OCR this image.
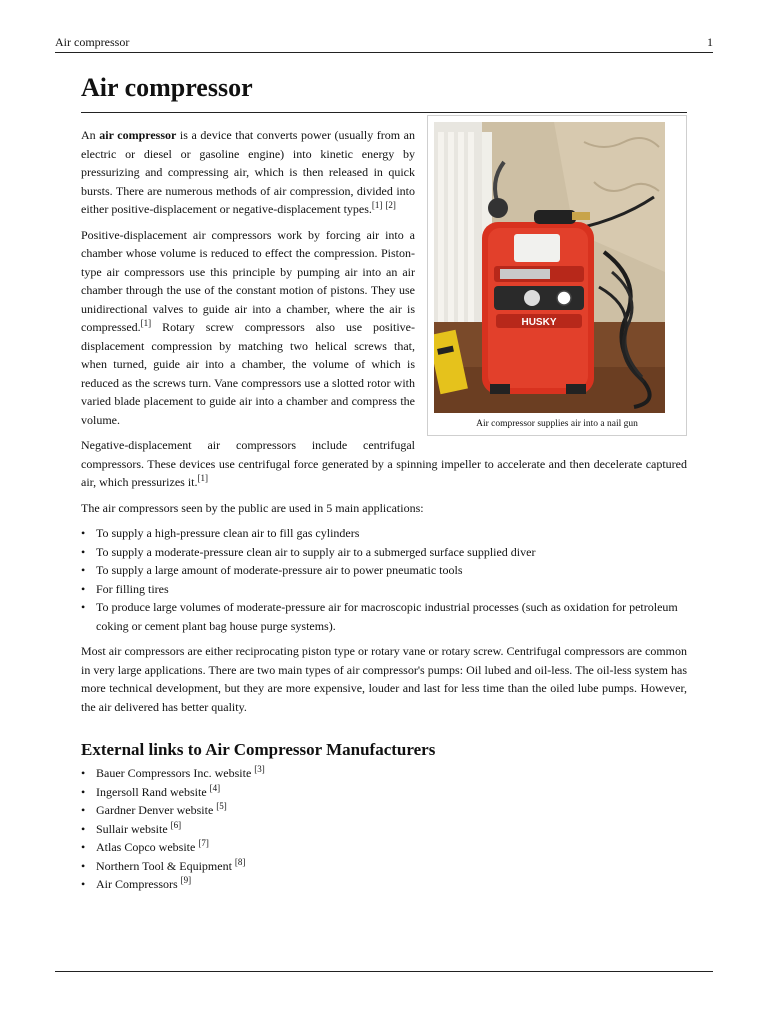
Air compressor	1
Air compressor
HUSKY
Air compressor supplies air into a nail gun

An air compressor is a device that converts power (usually from an electric or diesel or gasoline engine) into kinetic energy by pressurizing and compressing air, which is then released in quick bursts. There are numerous methods of air compression, divided into either positive-displacement or negative-displacement types.[1] [2]

Positive-displacement air compressors work by forcing air into a chamber whose volume is reduced to effect the compression. Piston-type air compressors use this principle by pumping air into an air chamber through the use of the constant motion of pistons. They use unidirectional valves to guide air into a chamber, where the air is compressed.[1] Rotary screw compressors also use positive-displacement compression by matching two helical screws that, when turned, guide air into a chamber, the volume of which is reduced as the screws turn. Vane compressors use a slotted rotor with varied blade placement to guide air into a chamber and compress the volume.

Negative-displacement air compressors include centrifugal compressors. These devices use centrifugal force generated by a spinning impeller to accelerate and then decelerate captured air, which pressurizes it.[1]

The air compressors seen by the public are used in 5 main applications:

• To supply a high-pressure clean air to fill gas cylinders
• To supply a moderate-pressure clean air to supply air to a submerged surface supplied diver
• To supply a large amount of moderate-pressure air to power pneumatic tools
• For filling tires
• To produce large volumes of moderate-pressure air for macroscopic industrial processes (such as oxidation for petroleum coking or cement plant bag house purge systems).

Most air compressors are either reciprocating piston type or rotary vane or rotary screw. Centrifugal compressors are common in very large applications. There are two main types of air compressor's pumps: Oil lubed and oil-less. The oil-less system has more technical development, but they are more expensive, louder and last for less time than the oiled lube pumps. However, the air delivered has better quality.

External links to Air Compressor Manufacturers
• Bauer Compressors Inc. website [3]
• Ingersoll Rand website [4]
• Gardner Denver website [5]
• Sullair website [6]
• Atlas Copco website [7]
• Northern Tool & Equipment [8]
• Air Compressors [9]
